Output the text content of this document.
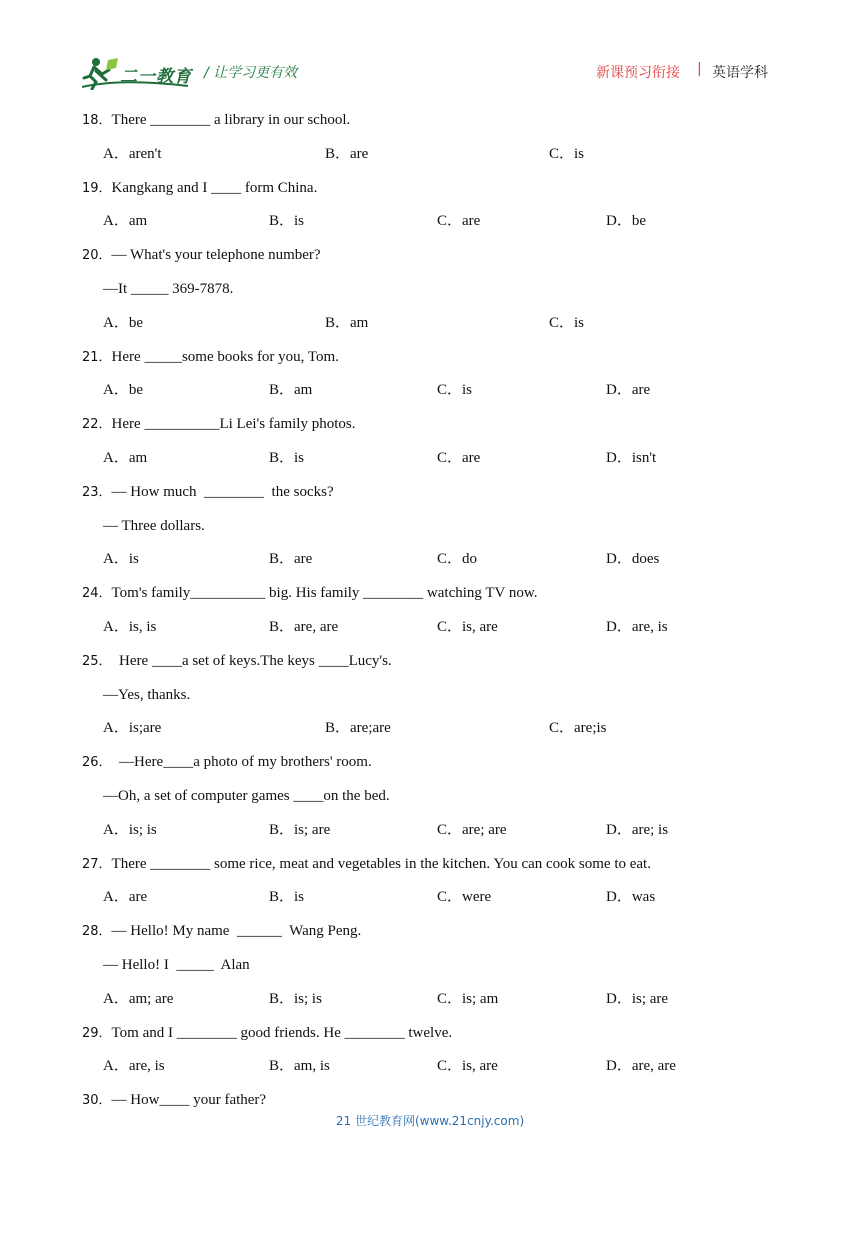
二一教育 / 让学习更有效	新课预习衔接 | 英语学科
18．There ________ a library in our school.

A．aren't

	B．are

	C．is

19．Kangkang and I ____ form China.

A．am

	B．is

	C．are

	D．be

20．— What's your telephone number?
—It _____ 369-7878.

A．be

	B．am

	C．is

21．Here _____some books for you, Tom.

A．be

	B．am

	C．is

	D．are

22．Here __________Li Lei's family photos.

A．am

	B．is

	C．are

	D．isn't

23．— How much  ________  the socks?
— Three dollars.

A．is

	B．are

	C．do

	D．does

24．Tom's family__________ big. His family ________ watching TV now.

A．is, is

	B．are, are

	C．is, are

	D．are, is

25．  Here ____a set of keys.The keys ____Lucy's.
—Yes, thanks.

A．is;are

	B．are;are

	C．are;is

26．  —Here____a photo of my brothers' room.
—Oh, a set of computer games ____on the bed.

A．is; is

	B．is; are

	C．are; are

	D．are; is

27．There ________ some rice, meat and vegetables in the kitchen. You can cook some to eat.

A．are

	B．is

	C．were

	D．was

28．— Hello! My name  ______  Wang Peng.
— Hello! I  _____  Alan

A．am; are

	B．is; is

	C．is; am

	D．is; are

29．Tom and I ________ good friends. He ________ twelve.

A．are, is

	B．am, is

	C．is, are

	D．are, are

30．— How____ your father?
21 世纪教育网(www.21cnjy.com)
